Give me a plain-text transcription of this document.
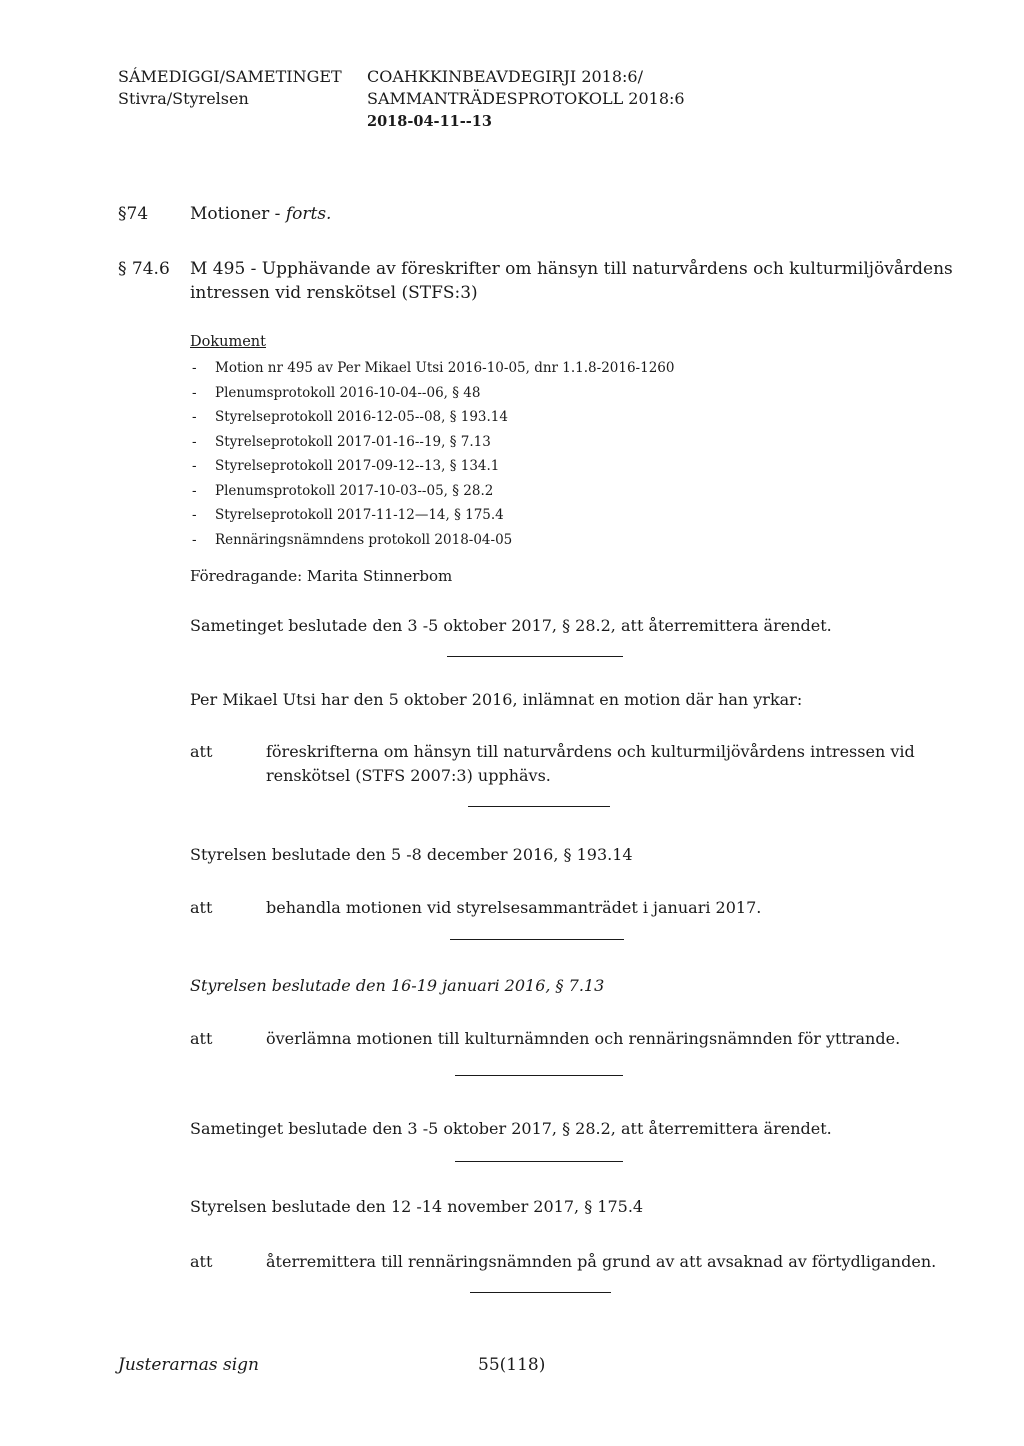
SÁMEDIGGI/SAMETINGET
Stivra/Styrelsen
COAHKKINBEAVDEGIRJI 2018:6/
SAMMANTRÄDESPROTOKOLL 2018:6
2018-04-11--13
§74 Motioner - forts.
§ 74.6 M 495 - Upphävande av föreskrifter om hänsyn till naturvårdens och kulturmiljövårdens
intressen vid renskötsel (STFS:3)
Dokument
- Motion nr 495 av Per Mikael Utsi 2016-10-05, dnr 1.1.8-2016-1260
- Plenumsprotokoll 2016-10-04--06, § 48
- Styrelseprotokoll 2016-12-05--08, § 193.14
- Styrelseprotokoll 2017-01-16--19, § 7.13
- Styrelseprotokoll 2017-09-12--13, § 134.1
- Plenumsprotokoll 2017-10-03--05, § 28.2
- Styrelseprotokoll 2017-11-12—14, § 175.4
- Rennäringsnämndens protokoll 2018-04-05
Föredragande: Marita Stinnerbom
Sametinget beslutade den 3 -5 oktober 2017, § 28.2, att återremittera ärendet.
Per Mikael Utsi har den 5 oktober 2016, inlämnat en motion där han yrkar:
att	föreskrifterna om hänsyn till naturvårdens och kulturmiljövårdens intressen vid
renskötsel (STFS 2007:3) upphävs.
Styrelsen beslutade den 5 -8 december 2016, § 193.14
att	behandla motionen vid styrelsesammanträdet i januari 2017.
Styrelsen beslutade den 16-19 januari 2016, § 7.13
att	överlämna motionen till kulturnämnden och rennäringsnämnden för yttrande.
Sametinget beslutade den 3 -5 oktober 2017, § 28.2, att återremittera ärendet.
Styrelsen beslutade den 12 -14 november 2017, § 175.4
att	återremittera till rennäringsnämnden på grund av att avsaknad av förtydliganden.
Justerarnas sign	55(118)
